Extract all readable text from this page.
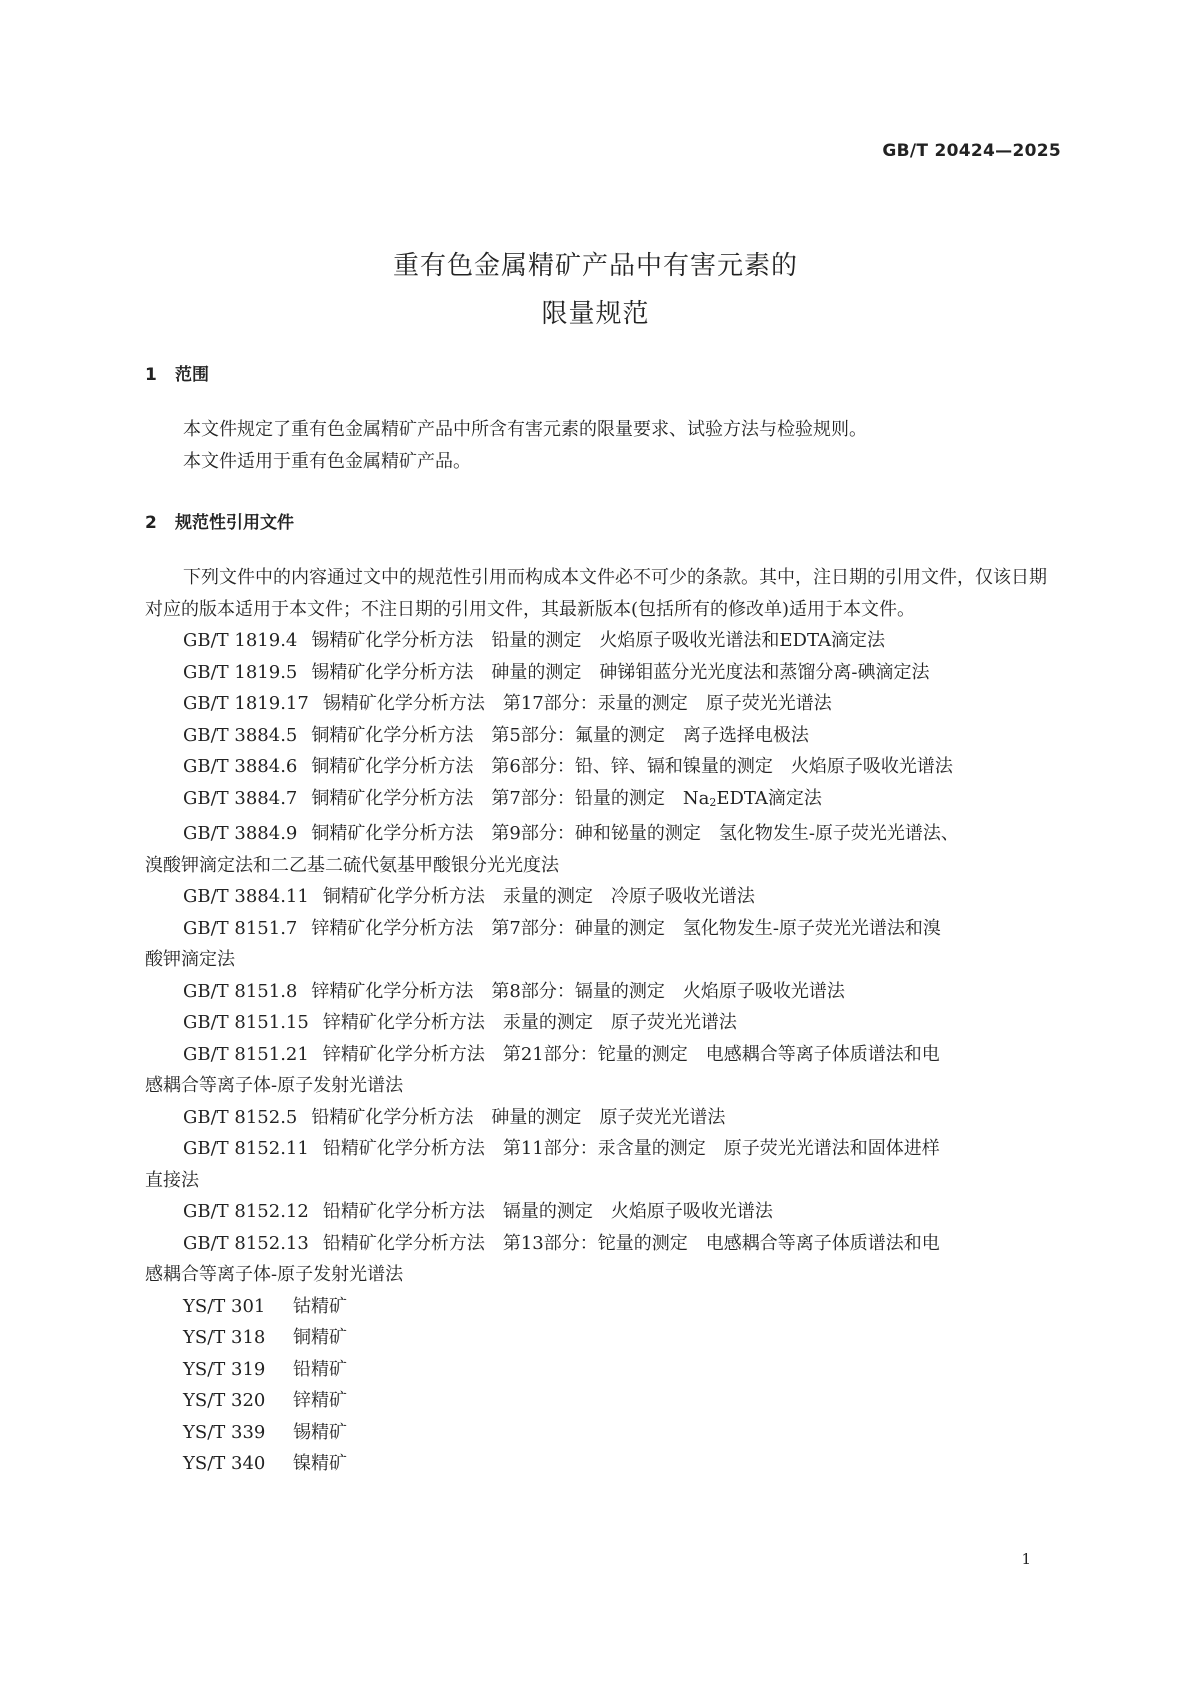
GB/T 20424—2025
重有色金属精矿产品中有害元素的
限量规范
1 范围

本文件规定了重有色金属精矿产品中所含有害元素的限量要求、试验方法与检验规则。

本文件适用于重有色金属精矿产品。

2 规范性引用文件

下列文件中的内容通过文中的规范性引用而构成本文件必不可少的条款。其中，注日期的引用文件，仅该日期对应的版本适用于本文件；不注日期的引用文件，其最新版本(包括所有的修改单)适用于本文件。

GB/T 1819.4 锡精矿化学分析方法　铅量的测定　火焰原子吸收光谱法和EDTA滴定法
GB/T 1819.5 锡精矿化学分析方法　砷量的测定　砷锑钼蓝分光光度法和蒸馏分离-碘滴定法
GB/T 1819.17 锡精矿化学分析方法　第17部分：汞量的测定　原子荧光光谱法
GB/T 3884.5 铜精矿化学分析方法　第5部分：氟量的测定　离子选择电极法
GB/T 3884.6 铜精矿化学分析方法　第6部分：铅、锌、镉和镍量的测定　火焰原子吸收光谱法
GB/T 3884.7 铜精矿化学分析方法　第7部分：铅量的测定　$Na_2EDTA$滴定法
GB/T 3884.9 铜精矿化学分析方法　第9部分：砷和铋量的测定　氢化物发生-原子荧光光谱法、
溴酸钾滴定法和二乙基二硫代氨基甲酸银分光光度法
GB/T 3884.11 铜精矿化学分析方法　汞量的测定　冷原子吸收光谱法
GB/T 8151.7 锌精矿化学分析方法　第7部分：砷量的测定　氢化物发生-原子荧光光谱法和溴
酸钾滴定法
GB/T 8151.8 锌精矿化学分析方法　第8部分：镉量的测定　火焰原子吸收光谱法
GB/T 8151.15 锌精矿化学分析方法　汞量的测定　原子荧光光谱法
GB/T 8151.21 锌精矿化学分析方法　第21部分：铊量的测定　电感耦合等离子体质谱法和电
感耦合等离子体-原子发射光谱法
GB/T 8152.5 铅精矿化学分析方法　砷量的测定　原子荧光光谱法
GB/T 8152.11 铅精矿化学分析方法　第11部分：汞含量的测定　原子荧光光谱法和固体进样
直接法
GB/T 8152.12 铅精矿化学分析方法　镉量的测定　火焰原子吸收光谱法
GB/T 8152.13 铅精矿化学分析方法　第13部分：铊量的测定　电感耦合等离子体质谱法和电
感耦合等离子体-原子发射光谱法
YS/T 301 钴精矿
YS/T 318 铜精矿
YS/T 319 铅精矿
YS/T 320 锌精矿
YS/T 339 锡精矿
YS/T 340 镍精矿
1
